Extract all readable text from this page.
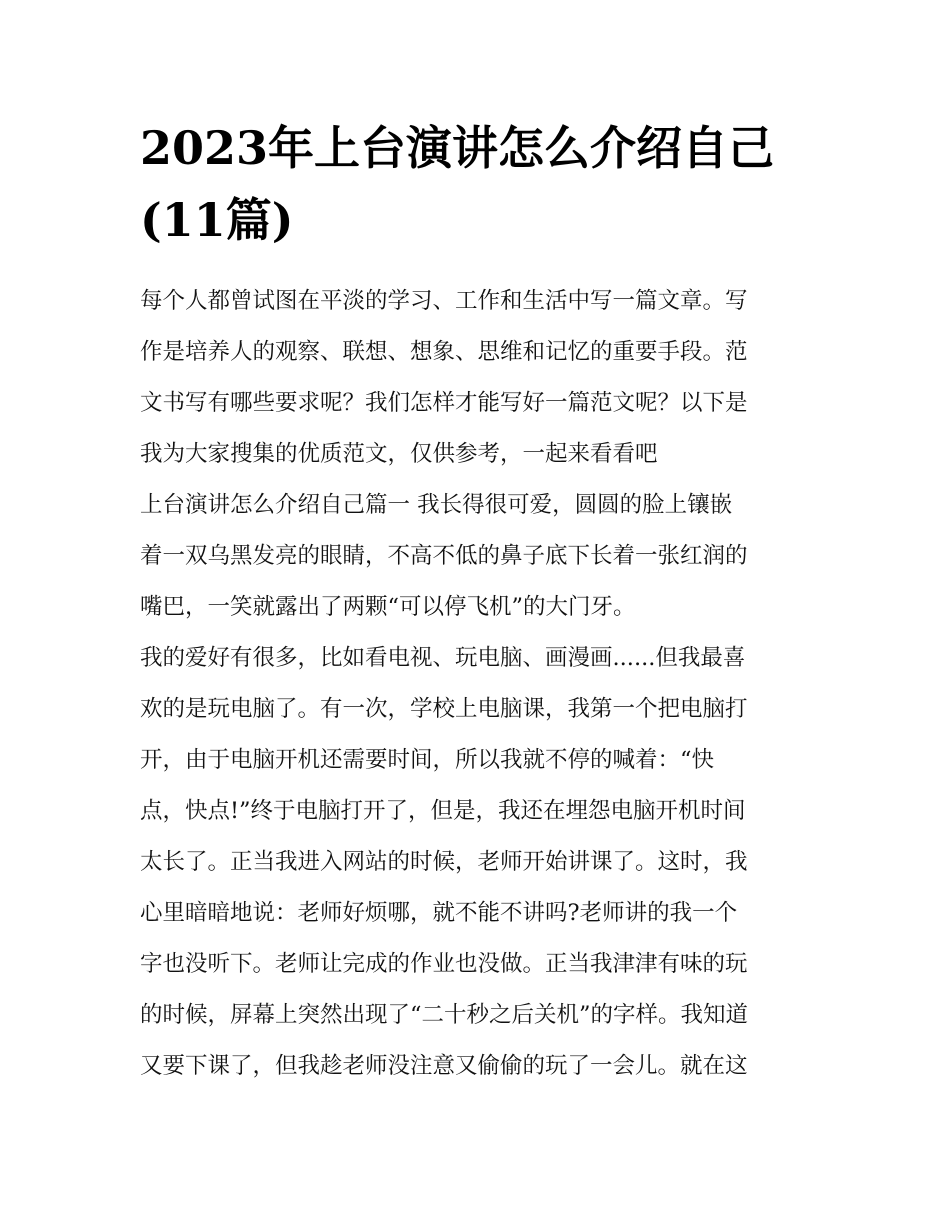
2023年上台演讲怎么介绍自己
(11篇)
每个人都曾试图在平淡的学习、工作和生活中写一篇文章。写
作是培养人的观察、联想、想象、思维和记忆的重要手段。范
文书写有哪些要求呢？我们怎样才能写好一篇范文呢？以下是
我为大家搜集的优质范文，仅供参考，一起来看看吧
上台演讲怎么介绍自己篇一 我长得很可爱，圆圆的脸上镶嵌
着一双乌黑发亮的眼睛，不高不低的鼻子底下长着一张红润的
嘴巴，一笑就露出了两颗“可以停飞机”的大门牙。
我的爱好有很多，比如看电视、玩电脑、画漫画......但我最喜
欢的是玩电脑了。有一次，学校上电脑课，我第一个把电脑打
开，由于电脑开机还需要时间，所以我就不停的喊着：“快
点，快点!”终于电脑打开了，但是，我还在埋怨电脑开机时间
太长了。正当我进入网站的时候，老师开始讲课了。这时，我
心里暗暗地说：老师好烦哪，就不能不讲吗?老师讲的我一个
字也没听下。老师让完成的作业也没做。正当我津津有味的玩
的时候，屏幕上突然出现了“二十秒之后关机”的字样。我知道
又要下课了，但我趁老师没注意又偷偷的玩了一会儿。就在这
